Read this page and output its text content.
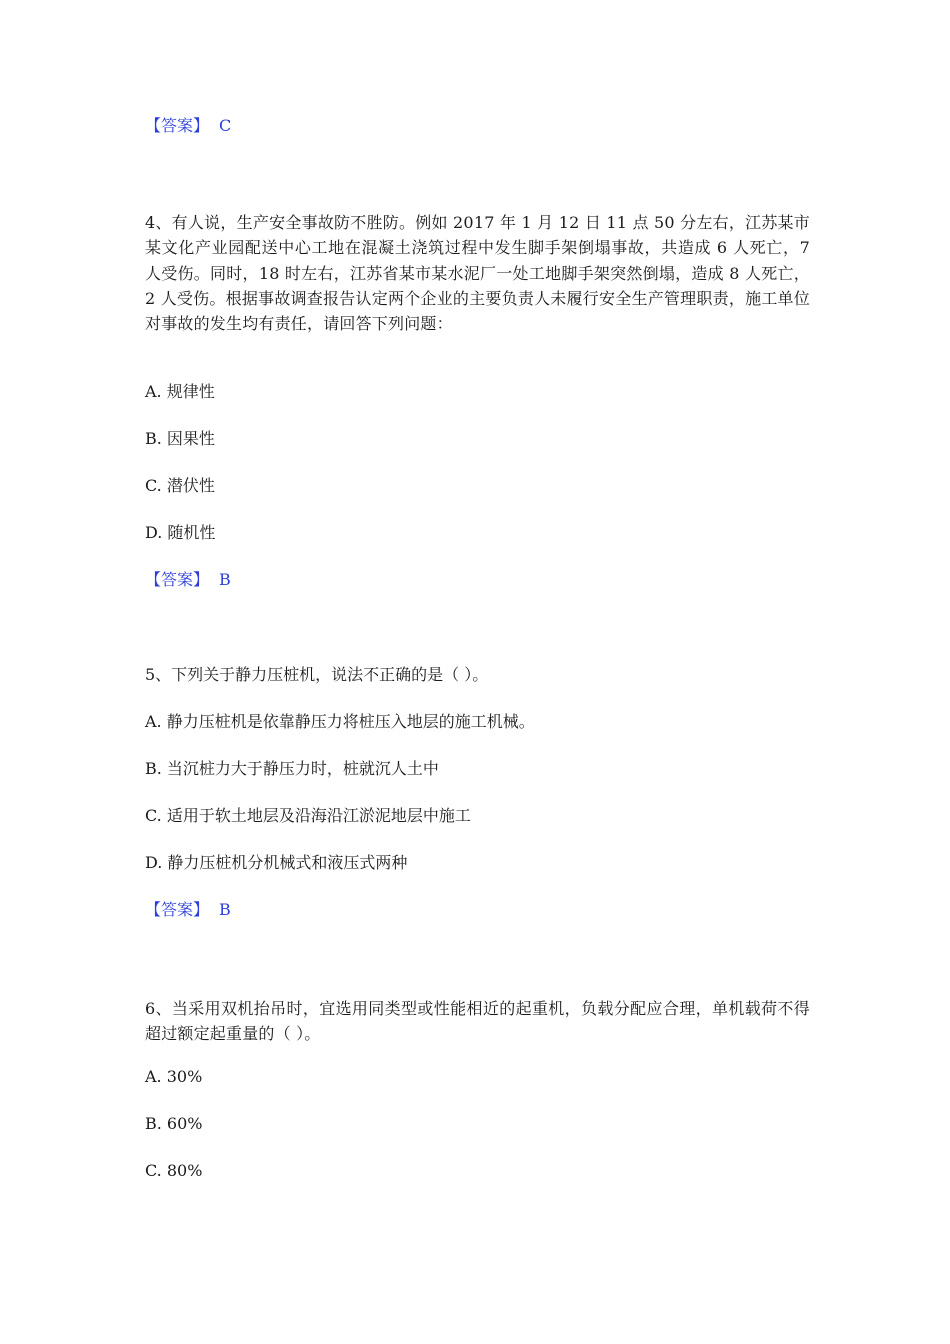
【答案】 C
4、有人说，生产安全事故防不胜防。例如 2017 年 1 月 12 日 11 点 50 分左右，江苏某市某文化产业园配送中心工地在混凝土浇筑过程中发生脚手架倒塌事故，共造成 6 人死亡，7 人受伤。同时，18 时左右，江苏省某市某水泥厂一处工地脚手架突然倒塌，造成 8 人死亡，2 人受伤。根据事故调查报告认定两个企业的主要负责人未履行安全生产管理职责，施工单位对事故的发生均有责任，请回答下列问题：
A. 规律性
B. 因果性
C. 潜伏性
D. 随机性
【答案】 B
5、下列关于静力压桩机，说法不正确的是（ ）。
A. 静力压桩机是依靠静压力将桩压入地层的施工机械。
B. 当沉桩力大于静压力时，桩就沉人土中
C. 适用于软土地层及沿海沿江淤泥地层中施工
D. 静力压桩机分机械式和液压式两种
【答案】 B
6、当采用双机抬吊时，宜选用同类型或性能相近的起重机，负载分配应合理，单机载荷不得超过额定起重量的（ ）。
A. 30%
B. 60%
C. 80%
